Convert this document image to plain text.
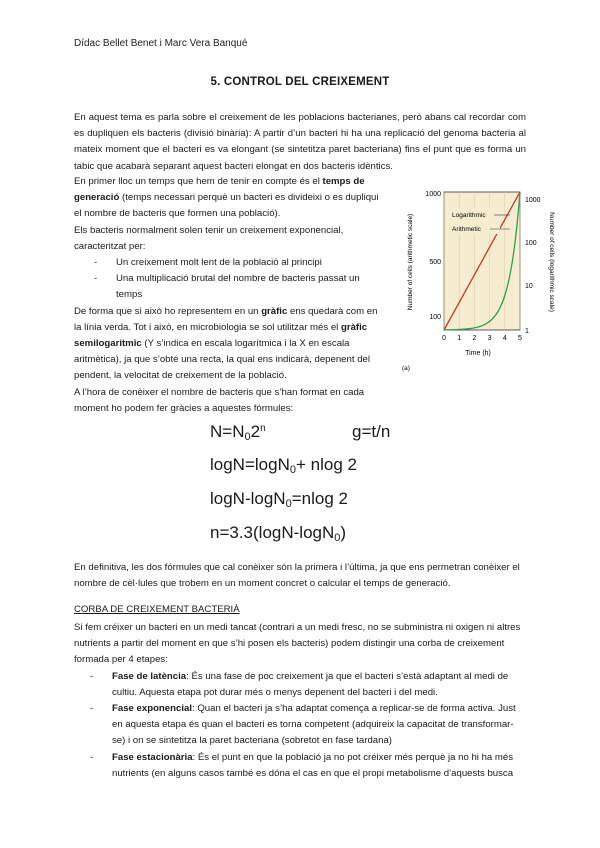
Dídac Bellet Benet i Marc Vera Banqué
5. CONTROL DEL CREIXEMENT
En aquest tema es parla sobre el creixement de les poblacions bacterianes, però abans cal recordar com es dupliquen els bacteris (divisió binària): A partir d’un bacteri hi ha una replicació del genoma bacteria al mateix moment que el bacteri es va elongant (se sintetitza paret bacteriana) fins el punt que es forma un tabic que acabarà separant aquest bacteri elongat en dos bacteris idèntics.

En primer lloc un temps que hem de tenir en compte és el temps de generació (temps necessari perquè un bacteri es divideixi o es dupliqui el nombre de bacteris que formen una població).

Els bacteris normalment solen tenir un creixement exponencial, caracteritzat per:

- Un creixement molt lent de la població al principi
- Una multiplicació brutal del nombre de bacteris passat un temps

De forma que si això ho representem en un gràfic ens quedarà com en la línia verda. Tot i això, en microbiologia se sol utilitzar més el gràfic semilogaritmic (Y s’indica en escala logarítmica i la X en escala aritmètica), ja que s’obté una recta, la qual ens indicarà, depenent del pendent, la velocitat de creixement de la població.

A l’hora de conèixer el nombre de bacteris que s’han format en cada moment ho podem fer gràcies a aquestes fórmules:

100
500
1000
1
10
100
1000
0 1 2 3 4 5
Time (h)
Number of cells (arithmetic scale)	Number of cells (logarithmic scale)
Logarithmic
Arithmetic
(a)
$N=N_02^n$	g=t/n
logN=logN$_0$+ nlog 2
logN-logN$_0$=nlog 2
n=3.3(logN-logN$_0$)
En definitiva, les dos fórmules que cal conèixer són la primera i l’última, ja que ens permetran conèixer el nombre de cèl·lules que trobem en un moment concret o calcular el temps de generació.
CORBA DE CREIXEMENT BACTERIÀ

Si fem créixer un bacteri en un medi tancat (contrari a un medi fresc, no se subministra ni oxigen ni altres nutrients a partir del moment en que s’hi posen els bacteris) podem distingir una corba de creixement formada per 4 etapes:

- Fase de latència: És una fase de poc creixement ja que el bacteri s’està adaptant al medi de cultiu. Aquesta etapa pot durar més o menys depenent del bacteri i del medi.
- Fase exponencial: Quan el bacteri ja s’ha adaptat comença a replicar-se de forma activa. Just en aquesta etapa és quan el bacteri es torna competent (adquireix la capacitat de transformar-se) i on se sintetitza la paret bacteriana (sobretot en fase tardana)
- Fase estacionària: És el punt en que la població ja no pot créixer més perquè ja no hi ha més nutrients (en alguns casos també es dóna el cas en que el propi metabolisme d’aquests busca
